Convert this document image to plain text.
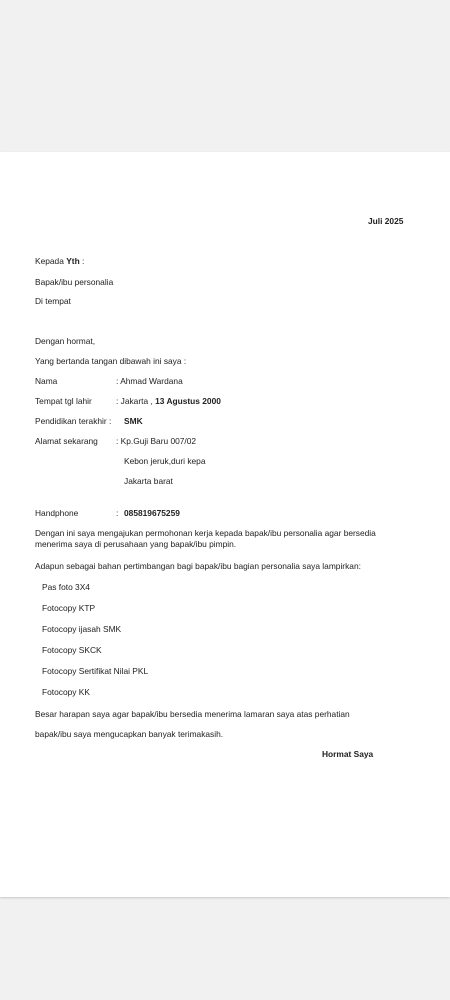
Juli 2025
Kepada Yth :
Bapak/ibu personalia
Di tempat
Dengan hormat,
Yang bertanda tangan dibawah ini saya :
Nama	: Ahmad Wardana
Tempat tgl lahir	: Jakarta , 13 Agustus 2000
Pendidikan terakhir : SMK
Alamat sekarang : Kp.Guji Baru 007/02
Kebon jeruk,duri kepa
Jakarta barat
Handphone	: 085819675259
Dengan ini saya mengajukan permohonan kerja kepada bapak/ibu personalia agar bersedia menerima saya di perusahaan yang bapak/ibu pimpin.
Adapun sebagai bahan pertimbangan bagi bapak/ibu bagian personalia saya lampirkan:
Pas foto 3X4
Fotocopy KTP
Fotocopy ijasah SMK
Fotocopy SKCK
Fotocopy Sertifikat Nilai PKL
Fotocopy KK
Besar harapan saya agar bapak/ibu bersedia menerima lamaran saya atas perhatian
bapak/ibu saya mengucapkan banyak terimakasih.
Hormat Saya
